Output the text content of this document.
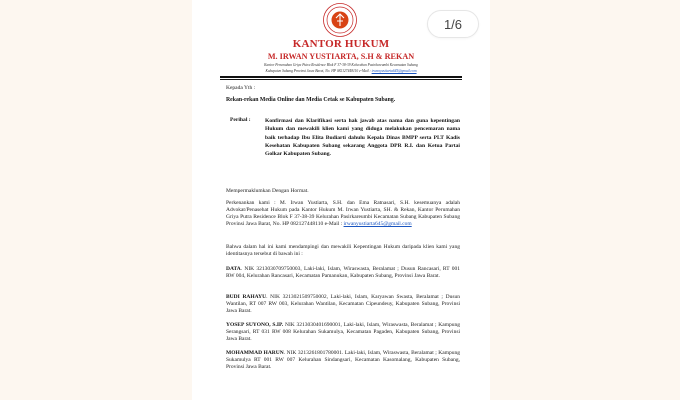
KANTOR HUKUM
M. IRWAN YUSTIARTA, S.H & REKAN
Kantor Perumahan Griya Putra Residence Blok F 37-38-39 Kelurahan Pasirkareumbi Kecamatan Subang
Kabupaten Subang Provinsi Jawa Barat, No. HP 082127448110 e-Mail : irwanyustiarta645@gmail.com
Kepada Yth :
Rekan-rekan Media Online dan Media Cetak se Kabupaten Subang.
Perihal :	Konfirmasi dan Klarifikasi serta hak jawab atas nama dan guna kepentingan Hukum dan mewakili klien kami yang diduga melakukan pencemaran nama baik terhadap Ibu Elita Budiarti dahulu Kepala Dinas BMPP serta PLT Kadis Kesehatan Kabupaten Subang sekarang Anggota DPR R.I. dan Ketua Partai Golkar Kabupaten Subang.
Mempermaklumkan Dengan Hormat.
Perkenankan kami : M. Irwan Yustiarta, S.H. dan Ema Ratnasari, S.H. kesemuanya adalah Advokat/Penasehat Hukum pada Kantor Hukum M. Irwan Yustiarta, SH. & Rekan, Kantor Perumahan Griya Putra Residence Blok F 37-38-39 Kelurahan Pasirkareumbi Kecamatan Subang Kabupaten Subang Provinsi Jawa Barat, No. HP 082127448110 e-Mail : irwanyustiarta645@gmail.com
Bahwa dalam hal ini kami mendampingi dan mewakili Kepentingan Hukum daripada klien kami yang identitasnya tersebut di bawah ini :
DATA. NIK 3213030709750003, Laki-laki, Islam, Wiraswasta, Beralamat ; Dusun Rancasari, RT 001 RW 004, Kelurahan Rancasari, Kecamatan Pamanukan, Kabupaten Subang, Provinsi Jawa Barat.
BUDI RAHAYU. NIK 3213021509750002, Laki-laki, Islam, Karyawan Swasta, Beralamat ; Dusun Wantilan, RT 007 RW 003, Kelurahan Wantilan, Kecamatan Cipeundeuy, Kabupaten Subang, Provinsi Jawa Barat.
YOSEP SUYONO, S.IP. NIK 3213030401690001, Laki-laki, Islam, Wiraswasta, Beralamat ; Kampung Serangsari, RT 031 RW 008 Kelurahan Sukamulya, Kecamatan Pagaden, Kabupaten Subang, Provinsi Jawa Barat.
MOHAMMAD HARUN. NIK 3213261801780001. Laki-laki, Islam, Wiraswasta, Beralamat ; Kampung Sukamulya RT 001 RW 007 Kelurahan Sindangsari, Kecamatan Kasomalang, Kabupaten Subang, Provinsi Jawa Barat.
1/6
